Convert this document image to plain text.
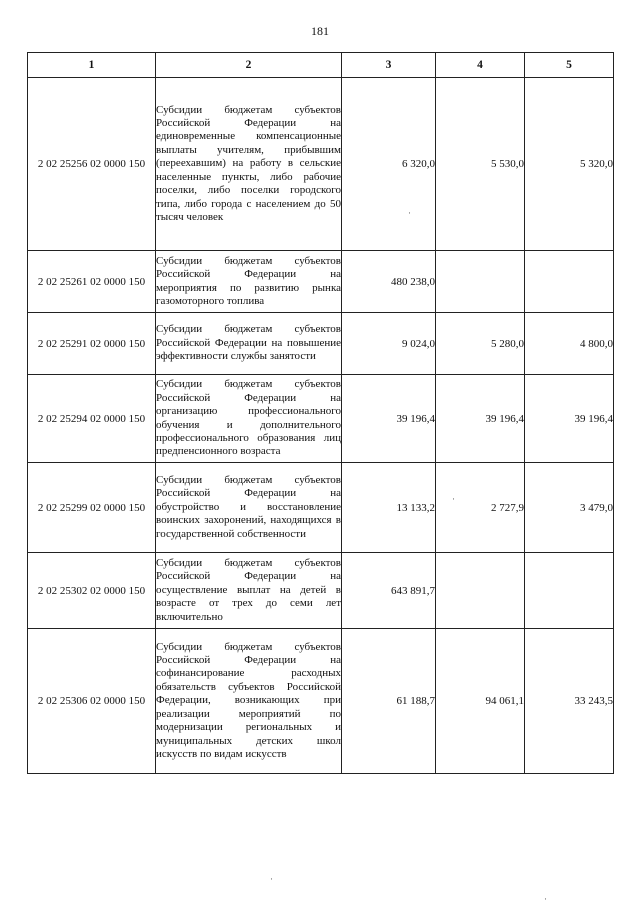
181
1	2	3	4	5
2 02 25256 02 0000 150	Субсидии бюджетам субъектов Российской Федерации на единовременные компенсационные выплаты учителям, прибывшим (переехавшим) на работу в сельские населенные пункты, либо рабочие поселки, либо поселки городского типа, либо города с населением до 50 тысяч человек	6 320,0	5 530,0	5 320,0
2 02 25261 02 0000 150	Субсидии бюджетам субъектов Российской Федерации на мероприятия по развитию рынка газомоторного топлива	480 238,0		
2 02 25291 02 0000 150	Субсидии бюджетам субъектов Российской Федерации на повышение эффективности службы занятости	9 024,0	5 280,0	4 800,0
2 02 25294 02 0000 150	Субсидии бюджетам субъектов Российской Федерации на организацию профессионального обучения и дополнительного профессионального образования лиц предпенсионного возраста	39 196,4	39 196,4	39 196,4
2 02 25299 02 0000 150	Субсидии бюджетам субъектов Российской Федерации на обустройство и восстановление воинских захоронений, находящихся в государственной собственности	13 133,2	2 727,9	3 479,0
2 02 25302 02 0000 150	Субсидии бюджетам субъектов Российской Федерации на осуществление выплат на детей в возрасте от трех до семи лет включительно	643 891,7		
2 02 25306 02 0000 150	Субсидии бюджетам субъектов Российской Федерации на софинансирование расходных обязательств субъектов Российской Федерации, возникающих при реализации мероприятий по модернизации региональных и муниципальных детских школ искусств по видам искусств	61 188,7	94 061,1	33 243,5
·
·
·
·
